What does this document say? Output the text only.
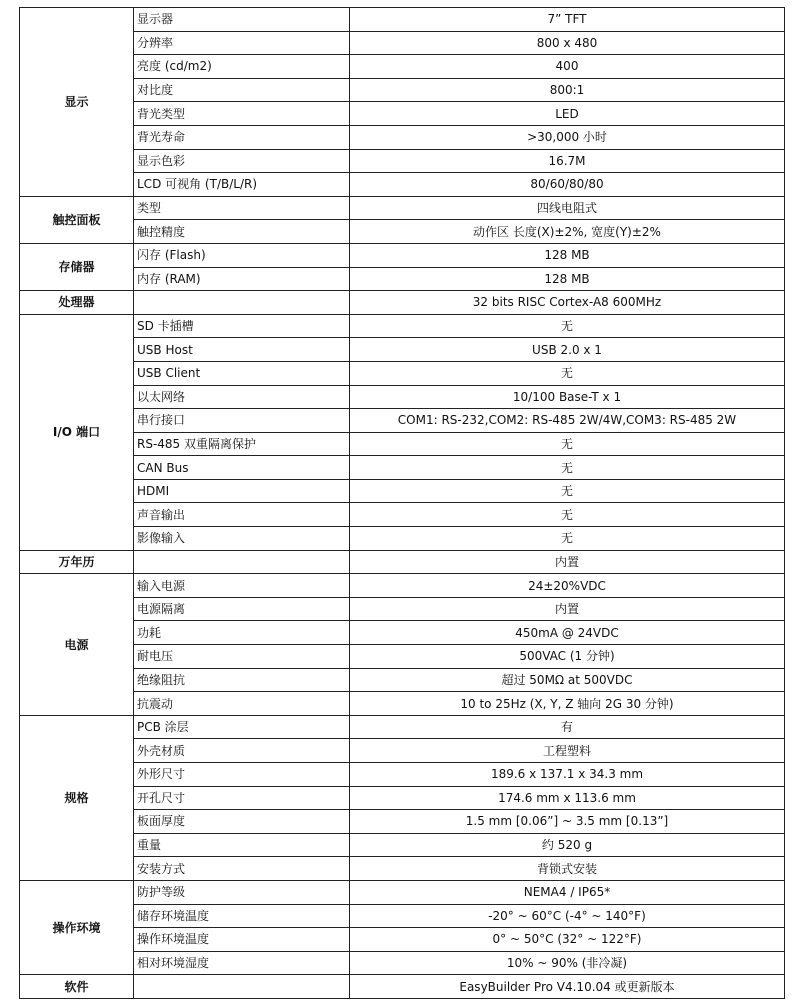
显示	显示器	7” TFT
	分辨率	800 x 480
	亮度 (cd/m2)	400
	对比度	800:1
	背光类型	LED
	背光寿命	>30,000 小时
	显示色彩	16.7M
	LCD 可视角 (T/B/L/R)	80/60/80/80
触控面板	类型	四线电阻式
	触控精度	动作区 长度(X)±2%, 宽度(Y)±2%
存储器	闪存 (Flash)	128 MB
	内存 (RAM)	128 MB
处理器		32 bits RISC Cortex-A8 600MHz
I/O 端口	SD 卡插槽	无
	USB Host	USB 2.0 x 1
	USB Client	无
	以太网络	10/100 Base-T x 1
	串行接口	COM1: RS-232,COM2: RS-485 2W/4W,COM3: RS-485 2W
	RS-485 双重隔离保护	无
	CAN Bus	无
	HDMI	无
	声音输出	无
	影像输入	无
万年历		内置
电源	输入电源	24±20%VDC
	电源隔离	内置
	功耗	450mA @ 24VDC
	耐电压	500VAC (1 分钟)
	绝缘阻抗	超过 50MΩ at 500VDC
	抗震动	10 to 25Hz (X, Y, Z 轴向 2G 30 分钟)
规格	PCB 涂层	有
	外壳材质	工程塑料
	外形尺寸	189.6 x 137.1 x 34.3 mm
	开孔尺寸	174.6 mm x 113.6 mm
	板面厚度	1.5 mm [0.06”] ~ 3.5 mm [0.13”]
	重量	约 520 g
	安装方式	背锁式安装
操作环境	防护等级	NEMA4 / IP65*
	储存环境温度	-20° ~ 60°C (-4° ~ 140°F)
	操作环境温度	0° ~ 50°C (32° ~ 122°F)
	相对环境湿度	10% ~ 90% (非冷凝)
软件		EasyBuilder Pro V4.10.04 或更新版本
